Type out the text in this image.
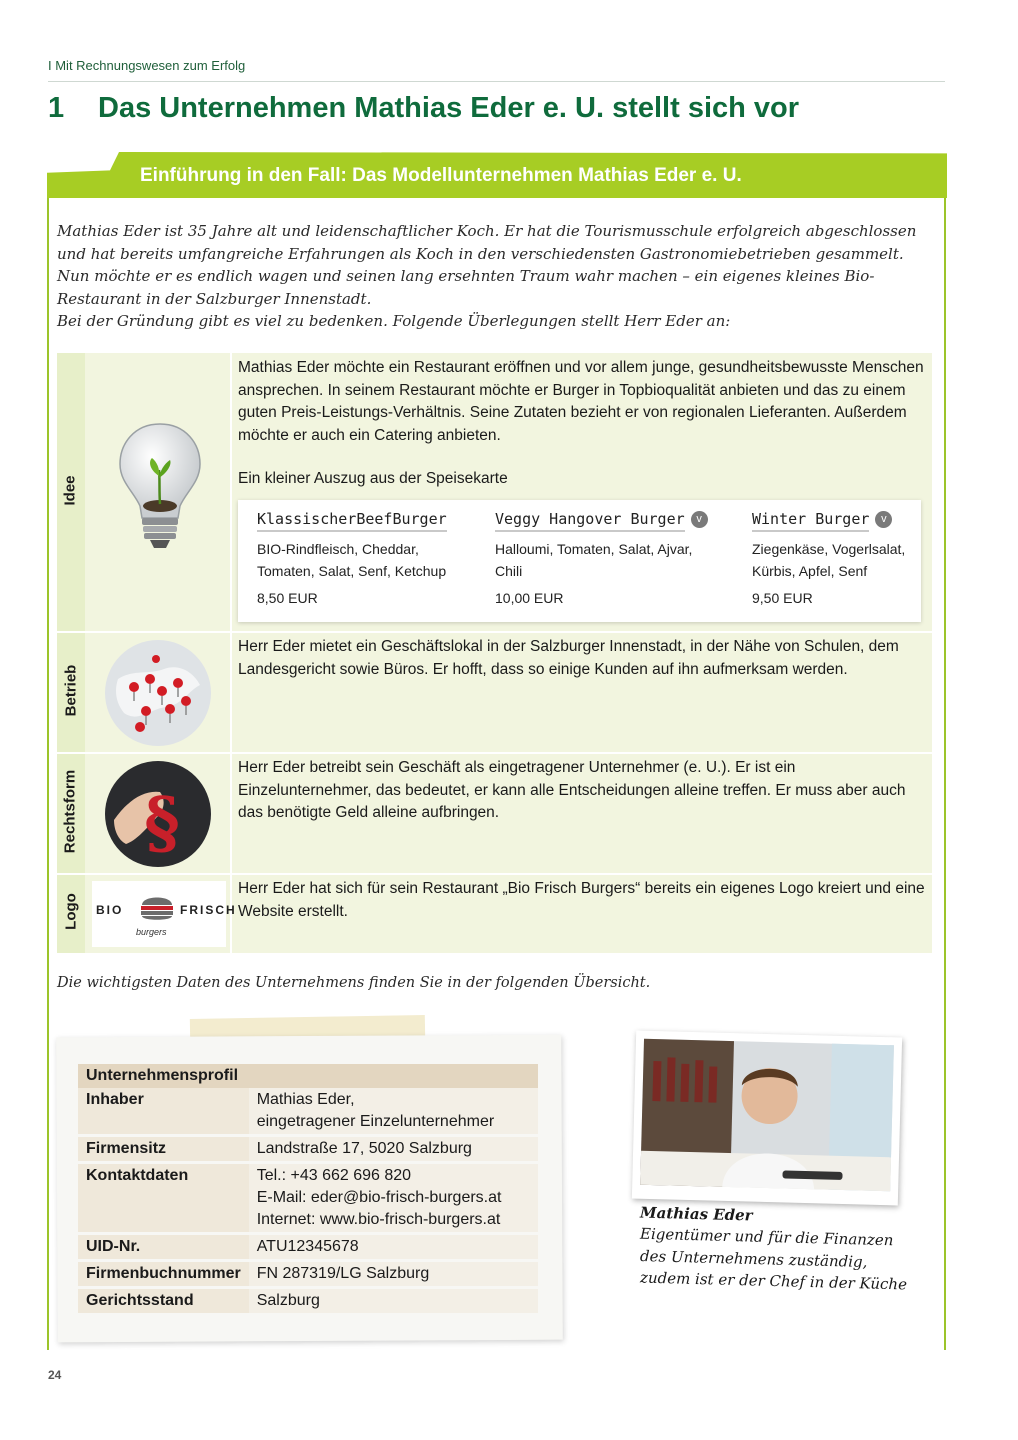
I Mit Rechnungswesen zum Erfolg
1 Das Unternehmen Mathias Eder e. U. stellt sich vor
Einführung in den Fall: Das Modellunternehmen Mathias Eder e. U.
Mathias Eder ist 35 Jahre alt und leidenschaftlicher Koch. Er hat die Tourismusschule erfolgreich abgeschlossen und hat bereits umfangreiche Erfahrungen als Koch in den verschiedensten Gastronomiebetrieben gesammelt. Nun möchte er es endlich wagen und seinen lang ersehnten Traum wahr machen – ein eigenes kleines Bio-Restaurant in der Salzburger Innenstadt.
Bei der Gründung gibt es viel zu bedenken. Folgende Überlegungen stellt Herr Eder an:
Idee
Mathias Eder möchte ein Restaurant eröffnen und vor allem junge, gesundheitsbewusste Menschen ansprechen. In seinem Restaurant möchte er Burger in Topbioqualität anbieten und das zu einem guten Preis-Leistungs-Verhältnis. Seine Zutaten bezieht er von regionalen Lieferanten. Außerdem möchte er auch ein Catering anbieten.
Ein kleiner Auszug aus der Speisekarte
KlassischerBeefBurger
BIO-Rindfleisch, Cheddar,
Tomaten, Salat, Senf, Ketchup
8,50 EUR
Veggy Hangover Burger v
Halloumi, Tomaten, Salat, Ajvar,
Chili
10,00 EUR
Winter Burger v
Ziegenkäse, Vogerlsalat,
Kürbis, Apfel, Senf
9,50 EUR
Betrieb
Herr Eder mietet ein Geschäftslokal in der Salzburger Innenstadt, in der Nähe von Schulen, dem Landesgericht sowie Büros. Er hofft, dass so einige Kunden auf ihn aufmerksam werden.
Rechtsform §
Herr Eder betreibt sein Geschäft als eingetragener Unternehmer (e. U.). Er ist ein Einzelunternehmer, das bedeutet, er kann alle Entscheidungen alleine treffen. Er muss aber auch das benötigte Geld alleine aufbringen.
Logo BIO	FRISCH
burgers
Herr Eder hat sich für sein Restaurant „Bio Frisch Burgers“ bereits ein eigenes Logo kreiert und eine Website erstellt.
Die wichtigsten Daten des Unternehmens finden Sie in der folgenden Übersicht.
Unternehmensprofil	
Inhaber	Mathias Eder,
eingetragener Einzelunternehmer

Firmensitz	Landstraße 17, 5020 Salzburg
Kontaktdaten	Tel.: +43 662 696 820
E-Mail: eder@bio-frisch-burgers.at
Internet: www.bio-frisch-burgers.at

UID-Nr.	ATU12345678
Firmenbuchnummer	FN 287319/LG Salzburg
Gerichtsstand	Salzburg
Mathias Eder
Eigentümer und für die Finanzen
des Unternehmens zuständig,
zudem ist er der Chef in der Küche
24
